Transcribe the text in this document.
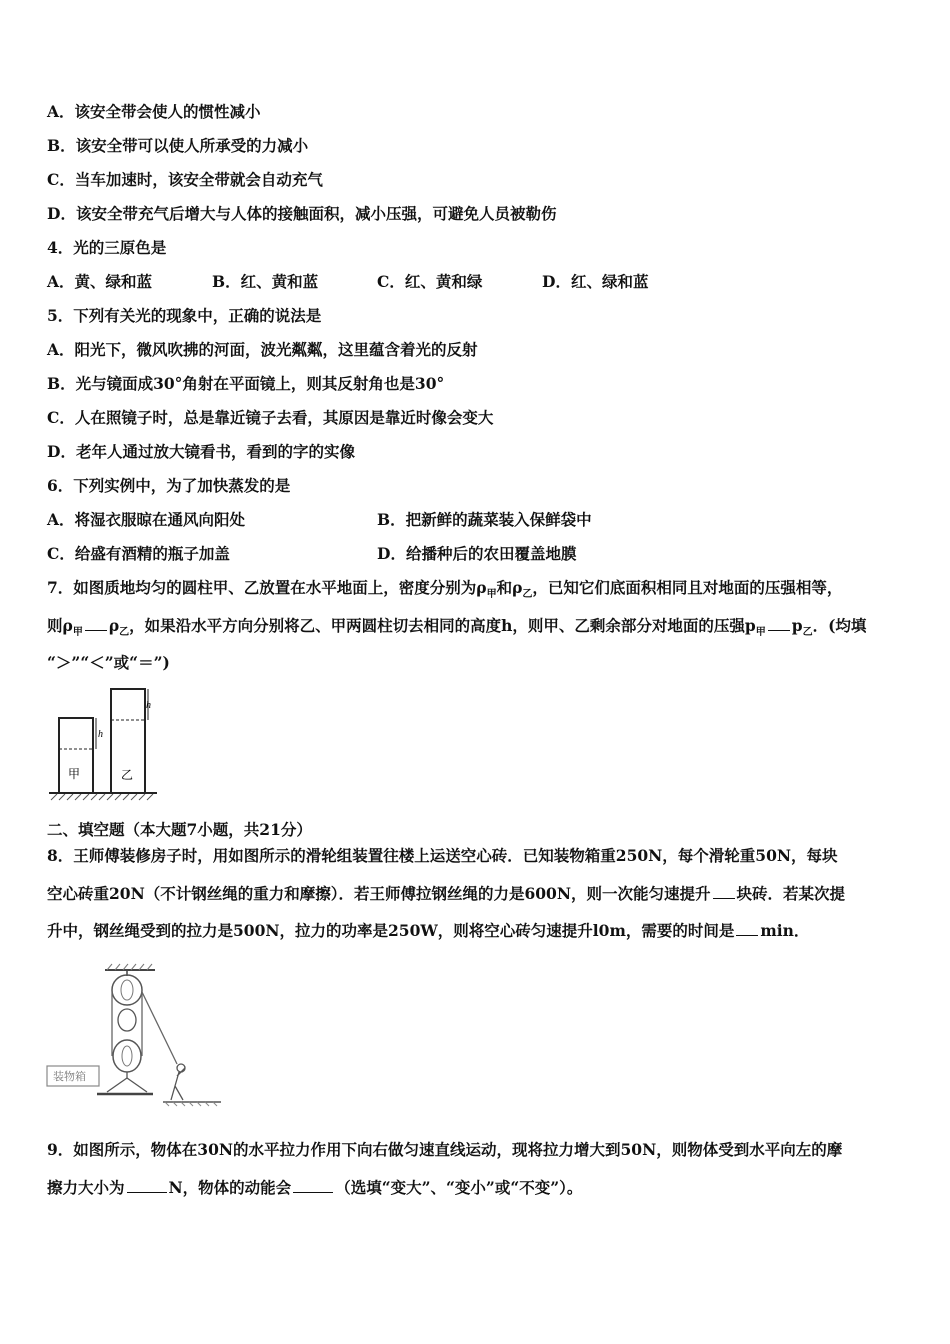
A．该安全带会使人的惯性减小
B．该安全带可以使人所承受的力减小
C．当车加速时，该安全带就会自动充气
D．该安全带充气后增大与人体的接触面积，减小压强，可避免人员被勒伤
4．光的三原色是
A．黄、绿和蓝	B．红、黄和蓝	C．红、黄和绿	D．红、绿和蓝
5．下列有关光的现象中，正确的说法是
A．阳光下，微风吹拂的河面，波光粼粼，这里蕴含着光的反射
B．光与镜面成30°角射在平面镜上，则其反射角也是30°
C．人在照镜子时，总是靠近镜子去看，其原因是靠近时像会变大
D．老年人通过放大镜看书，看到的字的实像
6．下列实例中，为了加快蒸发的是
A．将湿衣服晾在通风向阳处	B．把新鲜的蔬菜装入保鲜袋中
C．给盛有酒精的瓶子加盖	D．给播种后的农田覆盖地膜
7．如图质地均匀的圆柱甲、乙放置在水平地面上，密度分别为$\rho_甲$和$\rho_乙$，已知它们底面积相同且对地面的压强相等，
则$\rho_甲$ $\rho_乙$，如果沿水平方向分别将乙、甲两圆柱切去相同的高度h，则甲、乙剩余部分对地面的压强$p_甲$ $p_乙$．(均填
“＞”“＜”或“＝”)
h
甲
h
乙
二、填空题（本大题7小题，共21分）
8．王师傅装修房子时，用如图所示的滑轮组装置往楼上运送空心砖．已知装物箱重250N，每个滑轮重50N，每块
空心砖重20N（不计钢丝绳的重力和摩擦）．若王师傅拉钢丝绳的力是600N，则一次能匀速提升 块砖．若某次提
升中，钢丝绳受到的拉力是500N，拉力的功率是250W，则将空心砖匀速提升l0m，需要的时间是 min．
装物箱
9．如图所示，物体在30N的水平拉力作用下向右做匀速直线运动，现将拉力增大到50N，则物体受到水平向左的摩
擦力大小为	N，物体的动能会	（选填“变大”、“变小”或“不变”）。
